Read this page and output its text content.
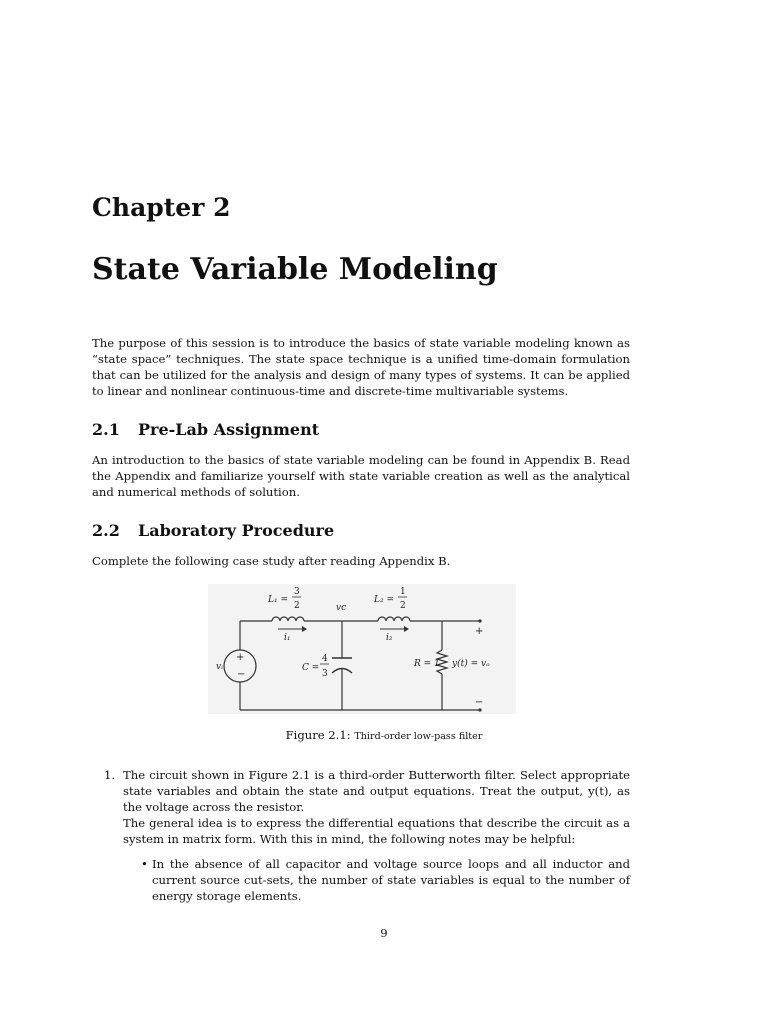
Chapter 2
State Variable Modeling

The purpose of this session is to introduce the basics of state variable modeling known as “state space” techniques. The state space technique is a unified time-domain formulation that can be utilized for the analysis and design of many types of systems. It can be applied to linear and nonlinear continuous-time and discrete-time multivariable systems.

2.1 Pre-Lab Assignment

An introduction to the basics of state variable modeling can be found in Appendix B. Read the Appendix and familiarize yourself with state variable creation as well as the analytical and numerical methods of solution.

2.2 Laboratory Procedure

Complete the following case study after reading Appendix B.

+
−
L₁ =
3
2
L₂ =
1
2
vc
i₁	i₂
vᵢ	C =
4
3
R = 1 y(t) = vₒ
+
−

Figure 2.1: Third-order low-pass filter

1. The circuit shown in Figure 2.1 is a third-order Butterworth filter. Select appropriate state variables and obtain the state and output equations. Treat the output, y(t), as the voltage across the resistor.

The general idea is to express the differential equations that describe the circuit as a system in matrix form. With this in mind, the following notes may be helpful:

• In the absence of all capacitor and voltage source loops and all inductor and current source cut-sets, the number of state variables is equal to the number of energy storage elements.

9
